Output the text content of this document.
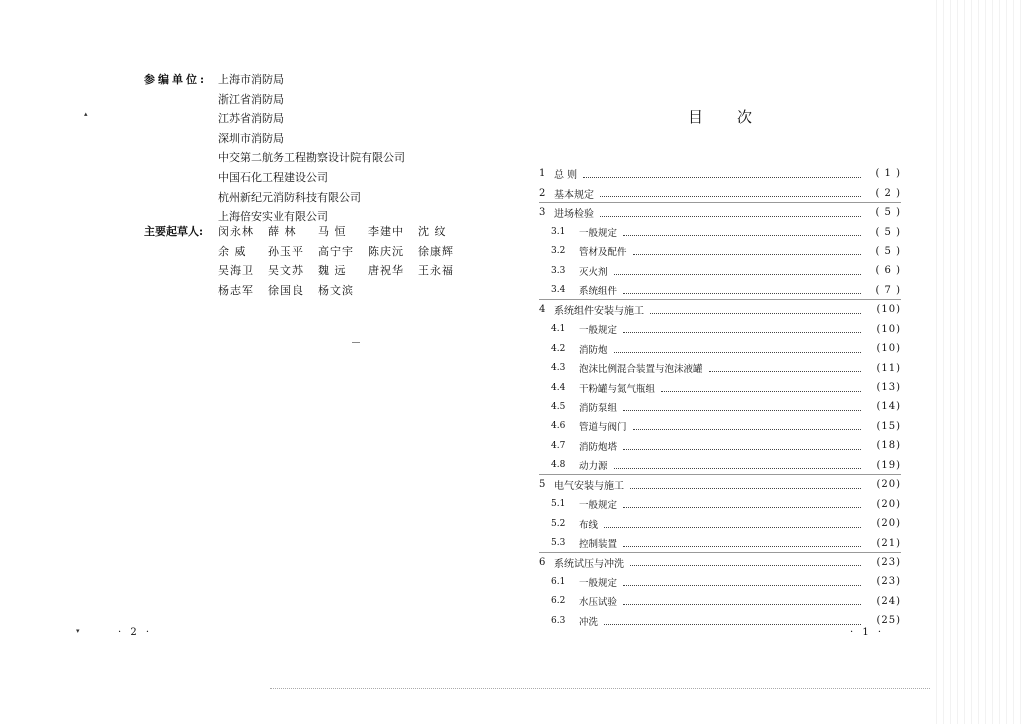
参编单位: 上海市消防局
浙江省消防局
江苏省消防局
深圳市消防局
中交第二航务工程勘察设计院有限公司
中国石化工程建设公司
杭州新纪元消防科技有限公司
上海倍安实业有限公司
主要起草人: 闵永林	薛 林	马 恒	李建中	沈 纹
余 威	孙玉平	高宁宇	陈庆沅	徐康辉
吴海卫	吴文苏	魏 远	唐祝华	王永福
杨志军	徐国良	杨文滨
▴
▾	· 2 ·
目次
1 总 则	( 1 )
2 基本规定	( 2 )
3 进场检验	( 5 )
3.1	一般规定	( 5 )
3.2	管材及配件	( 5 )
3.3	灭火剂	( 6 )
3.4	系统组件	( 7 )
4 系统组件安装与施工	(10)
4.1	一般规定	(10)
4.2	消防炮	(10)
4.3	泡沫比例混合装置与泡沫液罐	(11)
4.4	干粉罐与氮气瓶组	(13)
4.5	消防泵组	(14)
4.6	管道与阀门	(15)
4.7	消防炮塔	(18)
4.8	动力源	(19)
5 电气安装与施工	(20)
5.1	一般规定	(20)
5.2	布线	(20)
5.3	控制装置	(21)
6 系统试压与冲洗	(23)
6.1	一般规定	(23)
6.2	水压试验	(24)
6.3	冲洗	(25)
· 1 ·
